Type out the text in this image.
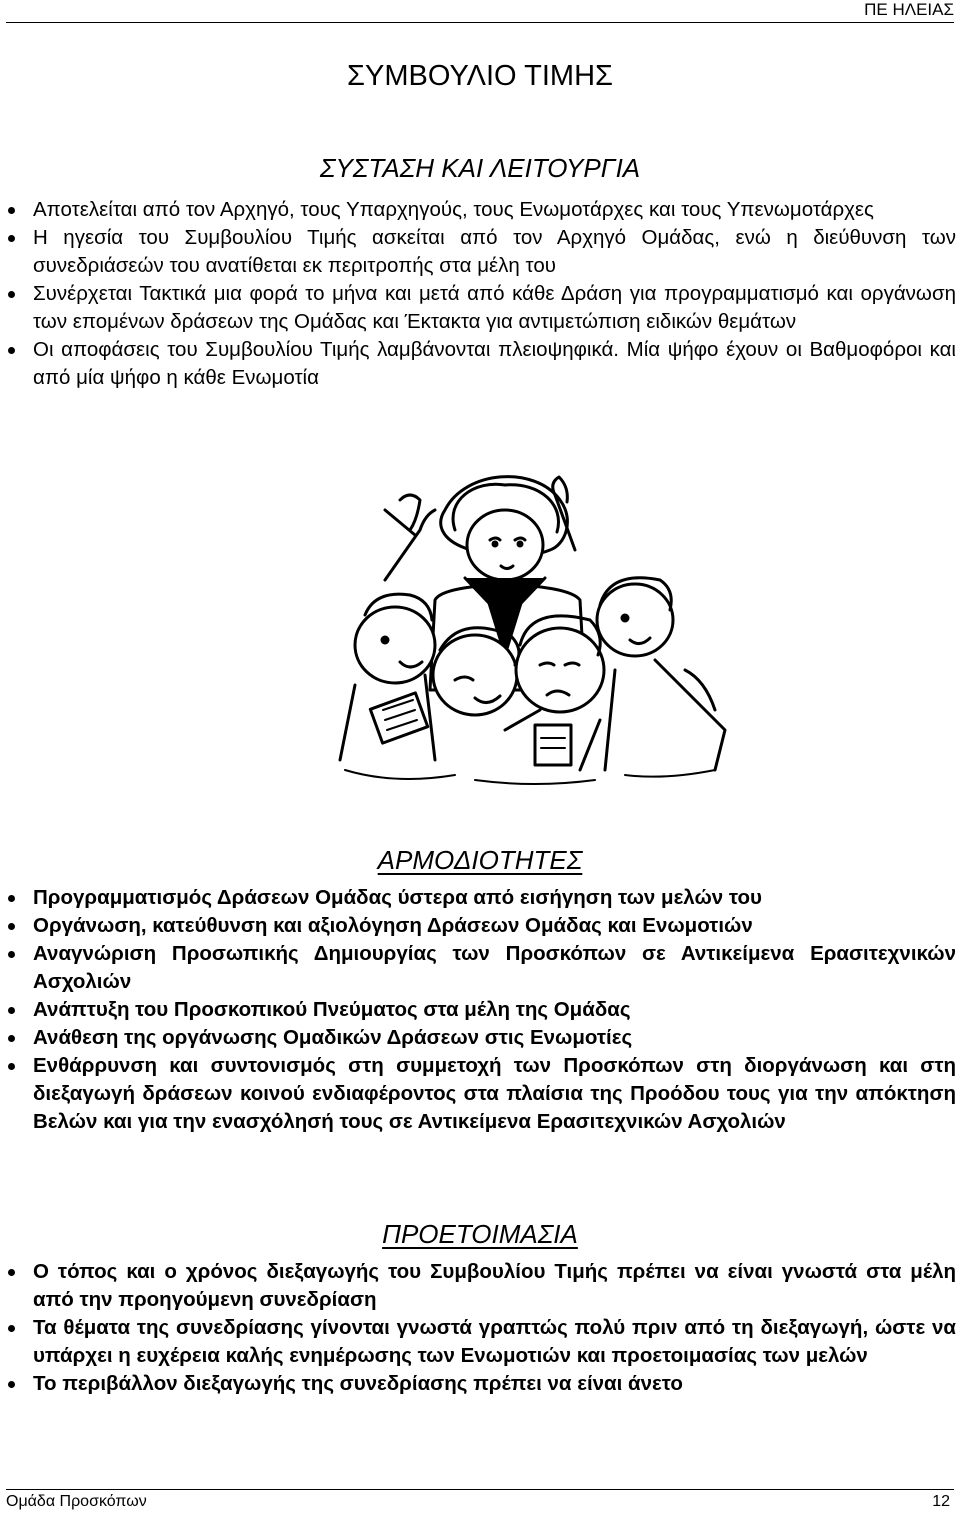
ΠΕ ΗΛΕΙΑΣ
ΣΥΜΒΟΥΛΙΟ ΤΙΜΗΣ
ΣΥΣΤΑΣΗ ΚΑΙ ΛΕΙΤΟΥΡΓΙΑ
Αποτελείται από τον Αρχηγό, τους Υπαρχηγούς, τους Ενωμοτάρχες και τους Υπενωμοτάρχες
Η ηγεσία του Συμβουλίου Τιμής ασκείται από τον Αρχηγό Ομάδας, ενώ η διεύθυνση των συνεδριάσεών του ανατίθεται εκ περιτροπής στα μέλη του
Συνέρχεται Τακτικά μια φορά το μήνα και μετά από κάθε Δράση για προγραμματισμό και οργάνωση των επομένων δράσεων της Ομάδας και Έκτακτα για αντιμετώπιση ειδικών θεμάτων
Οι αποφάσεις του Συμβουλίου Τιμής λαμβάνονται πλειοψηφικά. Μία ψήφο έχουν οι Βαθμοφόροι και από μία ψήφο η κάθε Ενωμοτία
ΑΡΜΟΔΙΟΤΗΤΕΣ
Προγραμματισμός Δράσεων Ομάδας ύστερα από εισήγηση των μελών του
Οργάνωση, κατεύθυνση και αξιολόγηση Δράσεων Ομάδας και Ενωμοτιών
Αναγνώριση Προσωπικής Δημιουργίας των Προσκόπων σε Αντικείμενα Ερασιτεχνικών Ασχολιών
Ανάπτυξη του Προσκοπικού Πνεύματος στα μέλη της Ομάδας
Ανάθεση της οργάνωσης Ομαδικών Δράσεων στις Ενωμοτίες
Ενθάρρυνση και συντονισμός στη συμμετοχή των Προσκόπων στη διοργάνωση και στη διεξαγωγή δράσεων κοινού ενδιαφέροντος στα πλαίσια της Προόδου τους για την απόκτηση Βελών και για την ενασχόλησή τους σε Αντικείμενα Ερασιτεχνικών Ασχολιών
ΠΡΟΕΤΟΙΜΑΣΙΑ
Ο τόπος και ο χρόνος διεξαγωγής του Συμβουλίου Τιμής πρέπει να είναι γνωστά στα μέλη από την προηγούμενη συνεδρίαση
Τα θέματα της συνεδρίασης γίνονται γνωστά γραπτώς πολύ πριν από τη διεξαγωγή, ώστε να υπάρχει η ευχέρεια καλής ενημέρωσης των Ενωμοτιών και προετοιμασίας των μελών
Το περιβάλλον διεξαγωγής της συνεδρίασης πρέπει να είναι άνετο
Ομάδα Προσκόπων	12
